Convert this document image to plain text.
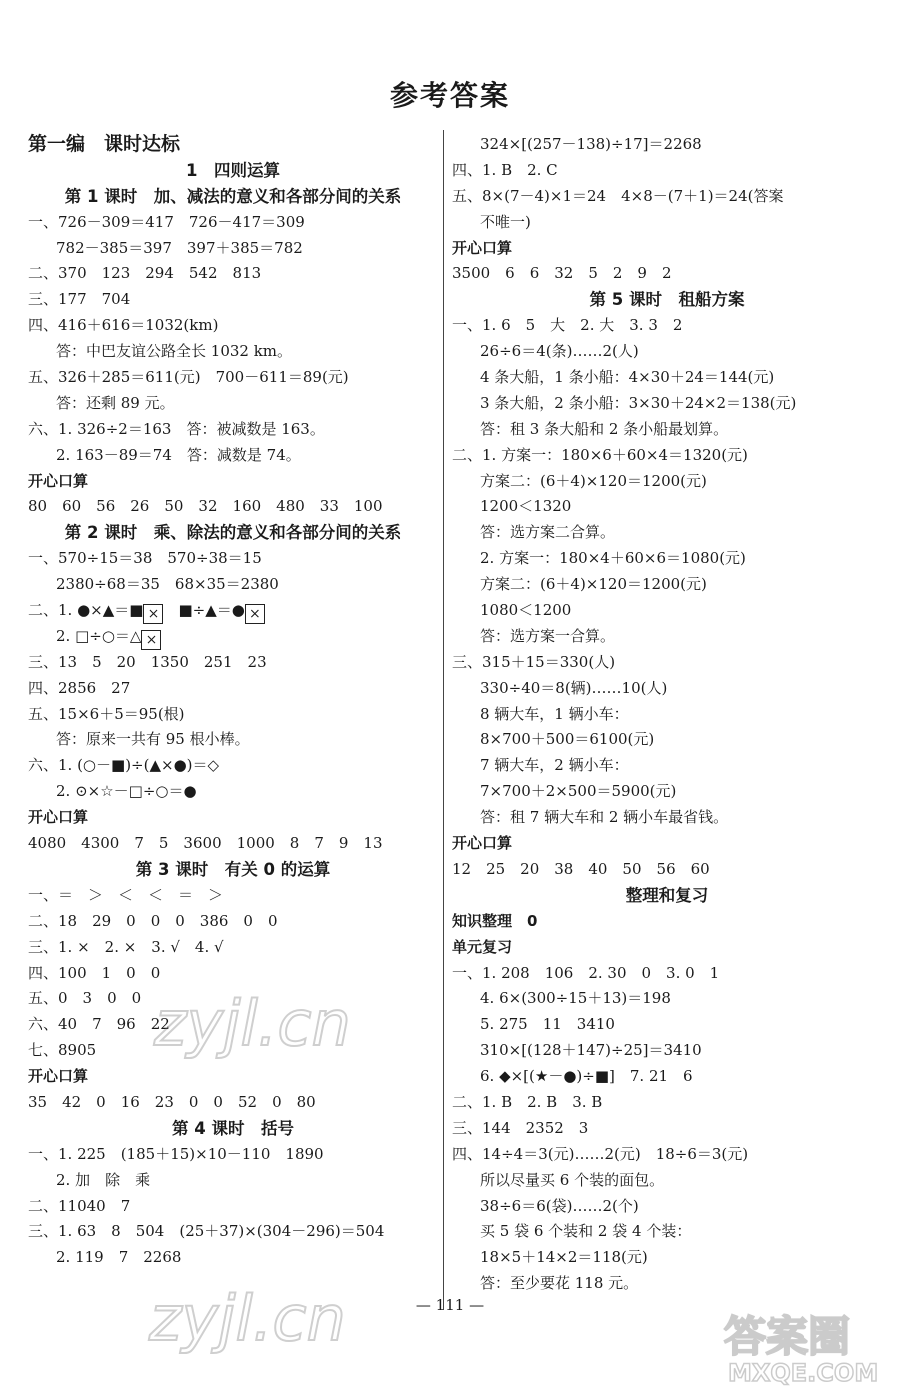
参考答案
第一编　课时达标
1　四则运算
第 1 课时　加、减法的意义和各部分间的关系
一、726－309＝417　726－417＝309
782－385＝397　397＋385＝782
二、370　123　294　542　813
三、177　704
四、416＋616＝1032(km)
答：中巴友谊公路全长 1032 km。
五、326＋285＝611(元)　700－611＝89(元)
答：还剩 89 元。
六、1. 326÷2＝163　答：被减数是 163。
2. 163－89＝74　答：减数是 74。
开心口算
80　60　56　26　50　32　160　480　33　100
第 2 课时　乘、除法的意义和各部分间的关系
一、570÷15＝38　570÷38＝15
2380÷68＝35　68×35＝2380
二、1. ●×▲＝■ ×　■÷▲＝● ×
2. □÷○＝△ ×
三、13　5　20　1350　251　23
四、2856　27
五、15×6＋5＝95(根)
答：原来一共有 95 根小棒。
六、1. (○－■)÷(▲×●)＝◇
2. ⊙×☆－□÷○＝●
开心口算
4080　4300　7　5　3600　1000　8　7　9　13
第 3 课时　有关 0 的运算
一、＝　＞　＜　＜　＝　＞
二、18　29　0　0　0　386　0　0
三、1. ×　2. ×　3. √　4. √
四、100　1　0　0
五、0　3　0　0
六、40　7　96　22
七、8905
开心口算
35　42　0　16　23　0　0　52　0　80
第 4 课时　括号
一、1. 225　(185＋15)×10－110　1890
2. 加　除　乘
二、11040　7
三、1. 63　8　504　(25＋37)×(304－296)＝504
2. 119　7　2268
324×[(257－138)÷17]＝2268
四、1. B　2. C
五、8×(7－4)×1＝24　4×8－(7＋1)＝24(答案
不唯一)
开心口算
3500　6　6　32　5　2　9　2
第 5 课时　租船方案
一、1. 6　5　大　2. 大　3. 3　2
26÷6＝4(条)……2(人)
4 条大船，1 条小船：4×30＋24＝144(元)
3 条大船，2 条小船：3×30＋24×2＝138(元)
答：租 3 条大船和 2 条小船最划算。
二、1. 方案一：180×6＋60×4＝1320(元)
方案二：(6＋4)×120＝1200(元)
1200＜1320
答：选方案二合算。
2. 方案一：180×4＋60×6＝1080(元)
方案二：(6＋4)×120＝1200(元)
1080＜1200
答：选方案一合算。
三、315＋15＝330(人)
330÷40＝8(辆)……10(人)
8 辆大车，1 辆小车：
8×700＋500＝6100(元)
7 辆大车，2 辆小车：
7×700＋2×500＝5900(元)
答：租 7 辆大车和 2 辆小车最省钱。
开心口算
12　25　20　38　40　50　56　60
整理和复习
知识整理　0
单元复习
一、1. 208　106　2. 30　0　3. 0　1
4. 6×(300÷15＋13)＝198
5. 275　11　3410
310×[(128＋147)÷25]＝3410
6. ◆×[(★－●)÷■]　7. 21　6
二、1. B　2. B　3. B
三、144　2352　3
四、14÷4＝3(元)……2(元)　18÷6＝3(元)
所以尽量买 6 个装的面包。
38÷6＝6(袋)……2(个)
买 5 袋 6 个装和 2 袋 4 个装：
18×5＋14×2＝118(元)
答：至少要花 118 元。
— 111 —
zyjl.cn
zyjl.cn	答案圈
MXQE.COM
